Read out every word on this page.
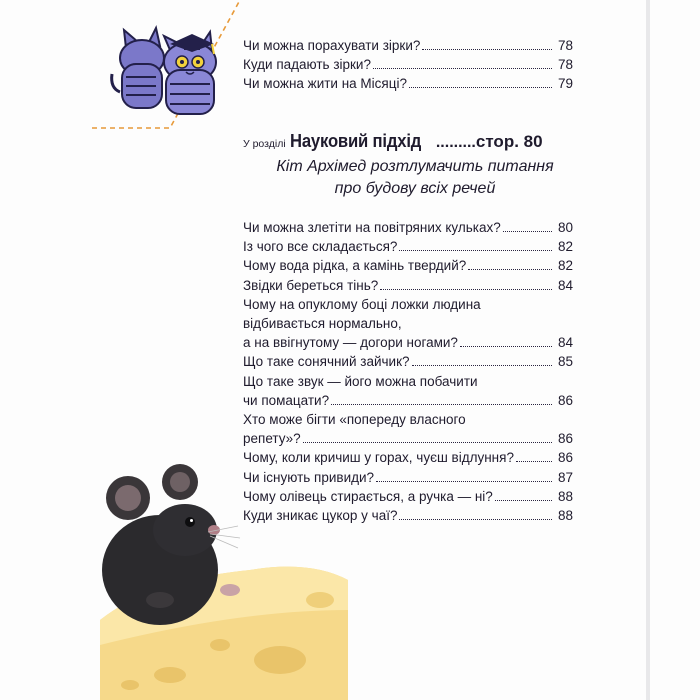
Чи можна порахувати зірки?	78
Куди падають зірки?	78
Чи можна жити на Місяці?	79
У розділі Науковий підхід .........стор. 80
Кіт Архімед розтлумачить питання
про будову всіх речей
Чи можна злетіти на повітряних кульках?	80
Із чого все складається?	82
Чому вода рідка, а камінь твердий?	82
Звідки береться тінь?	84
Чому на опуклому боці ложки людина
відбивається нормально,
а на ввігнутому — догори ногами?	84
Що таке сонячний зайчик?	85
Що таке звук — його можна побачити
чи помацати?	86
Хто може бігти «попереду власного
репету»?	86
Чому, коли кричиш у горах, чуєш відлуння?	86
Чи існують привиди?	87
Чому олівець стирається, а ручка — ні?	88
Куди зникає цукор у чаї?	88
